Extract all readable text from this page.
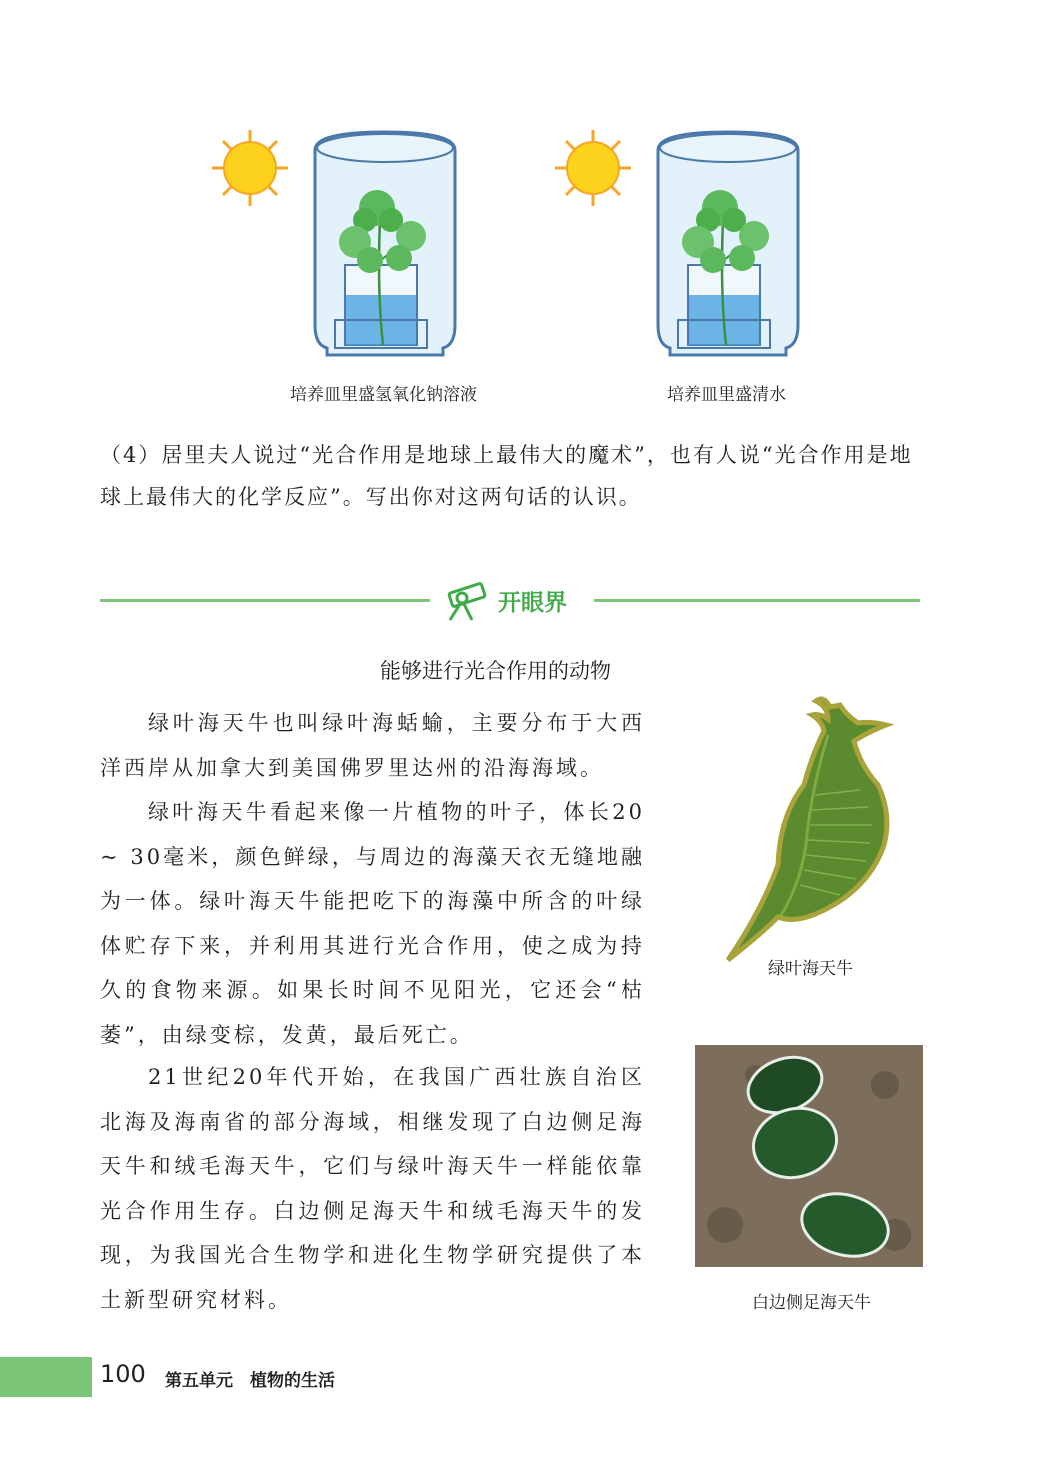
培养皿里盛氢氧化钠溶液	培养皿里盛清水
（4）居里夫人说过“光合作用是地球上最伟大的魔术”，也有人说“光合作用是地球上最伟大的化学反应”。写出你对这两句话的认识。
开眼界
能够进行光合作用的动物

绿叶海天牛也叫绿叶海蛞蝓，主要分布于大西洋西岸从加拿大到美国佛罗里达州的沿海海域。

绿叶海天牛看起来像一片植物的叶子，体长20 ~ 30毫米，颜色鲜绿，与周边的海藻天衣无缝地融为一体。绿叶海天牛能把吃下的海藻中所含的叶绿体贮存下来，并利用其进行光合作用，使之成为持久的食物来源。如果长时间不见阳光，它还会“枯萎”，由绿变棕，发黄，最后死亡。

21世纪20年代开始，在我国广西壮族自治区北海及海南省的部分海域，相继发现了白边侧足海天牛和绒毛海天牛，它们与绿叶海天牛一样能依靠光合作用生存。白边侧足海天牛和绒毛海天牛的发现，为我国光合生物学和进化生物学研究提供了本土新型研究材料。

绿叶海天牛
白边侧足海天牛
100 第五单元　植物的生活
